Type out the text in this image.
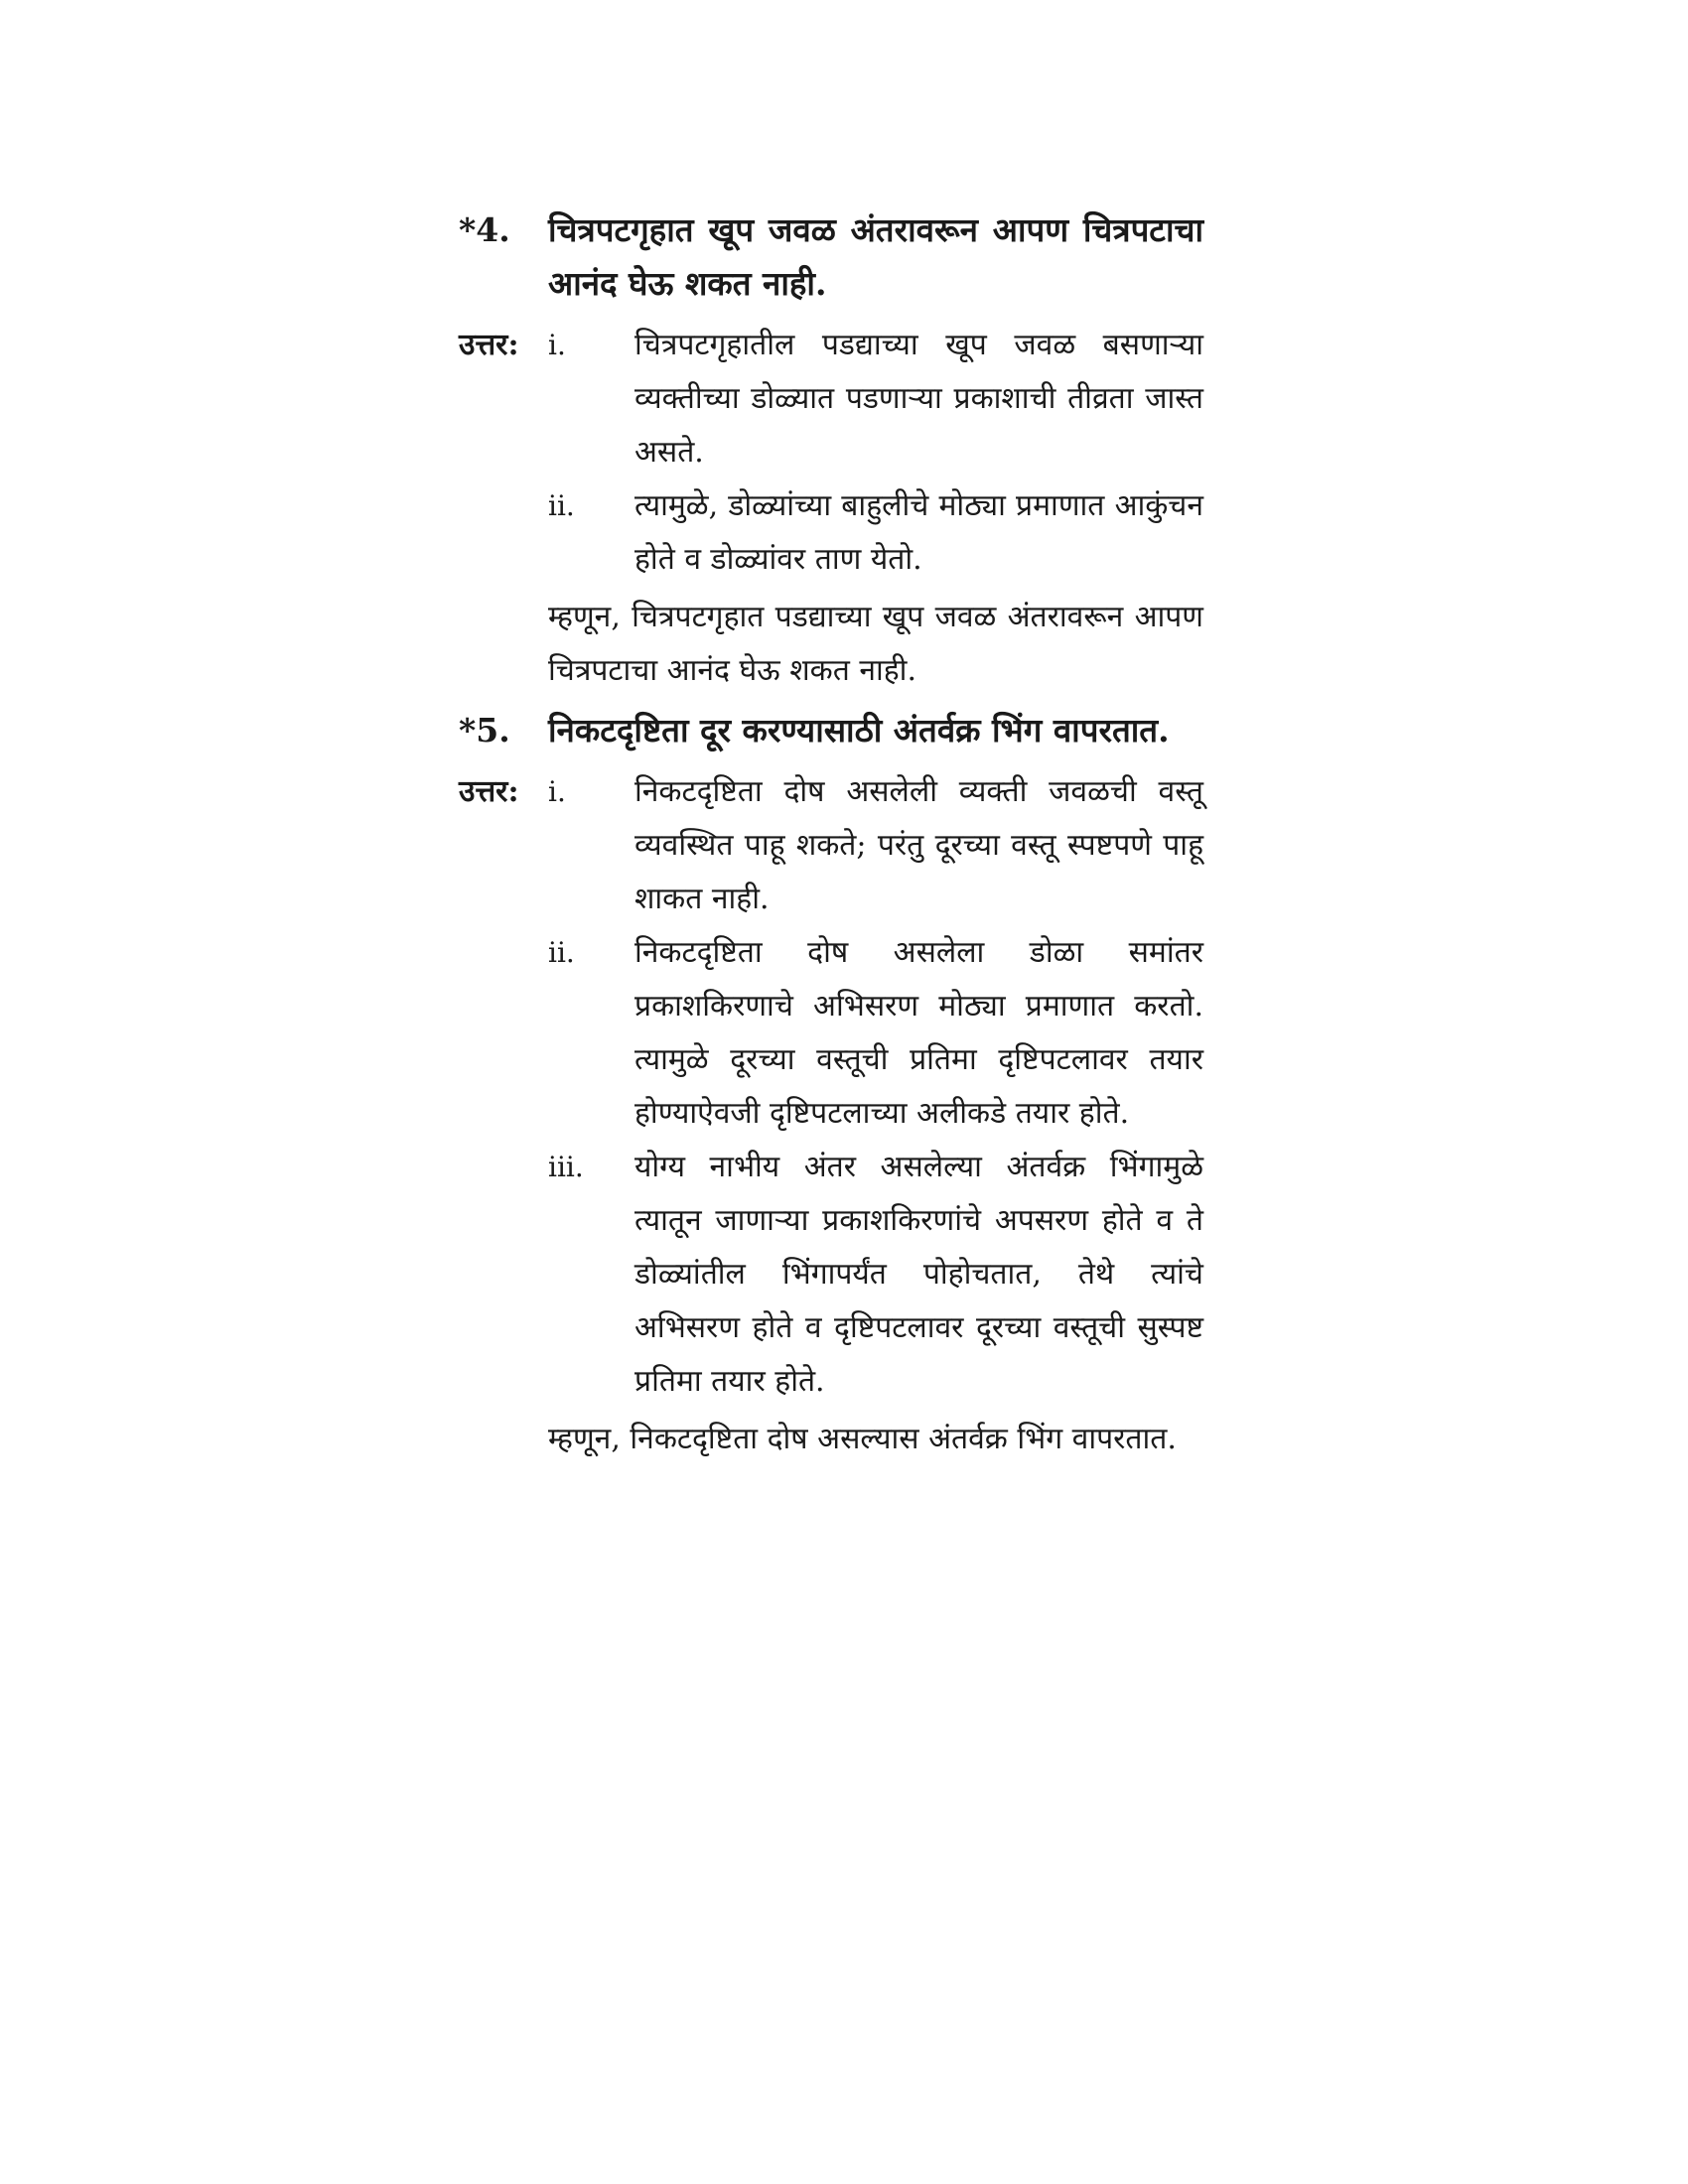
*4.	चित्रपटगृहात खूप जवळ अंतरावरून आपण चित्रपटाचा आनंद घेऊ शकत नाही.
उत्तर:	i.	चित्रपटगृहातील पडद्याच्या खूप जवळ बसणाऱ्या व्यक्तीच्या डोळ्यात पडणाऱ्या प्रकाशाची तीव्रता जास्त असते.
ii.	त्यामुळे, डोळ्यांच्या बाहुलीचे मोठ्या प्रमाणात आकुंचन होते व डोळ्यांवर ताण येतो.
म्हणून, चित्रपटगृहात पडद्याच्या खूप जवळ अंतरावरून आपण चित्रपटाचा आनंद घेऊ शकत नाही.
*5.	निकटदृष्टिता दूर करण्यासाठी अंतर्वक्र भिंग वापरतात.
उत्तर:	i.	निकटदृष्टिता दोष असलेली व्यक्ती जवळची वस्तू व्यवस्थित पाहू शकते; परंतु दूरच्या वस्तू स्पष्टपणे पाहू शाकत नाही.
ii.	निकटदृष्टिता दोष असलेला डोळा समांतर प्रकाशकिरणाचे अभिसरण मोठ्या प्रमाणात करतो. त्यामुळे दूरच्या वस्तूची प्रतिमा दृष्टिपटलावर तयार होण्याऐवजी दृष्टिपटलाच्या अलीकडे तयार होते.
iii.	योग्य नाभीय अंतर असलेल्या अंतर्वक्र भिंगामुळे त्यातून जाणाऱ्या प्रकाशकिरणांचे अपसरण होते व ते डोळ्यांतील भिंगापर्यंत पोहोचतात, तेथे त्यांचे अभिसरण होते व दृष्टिपटलावर दूरच्या वस्तूची सुस्पष्ट प्रतिमा तयार होते.
म्हणून, निकटदृष्टिता दोष असल्यास अंतर्वक्र भिंग वापरतात.
